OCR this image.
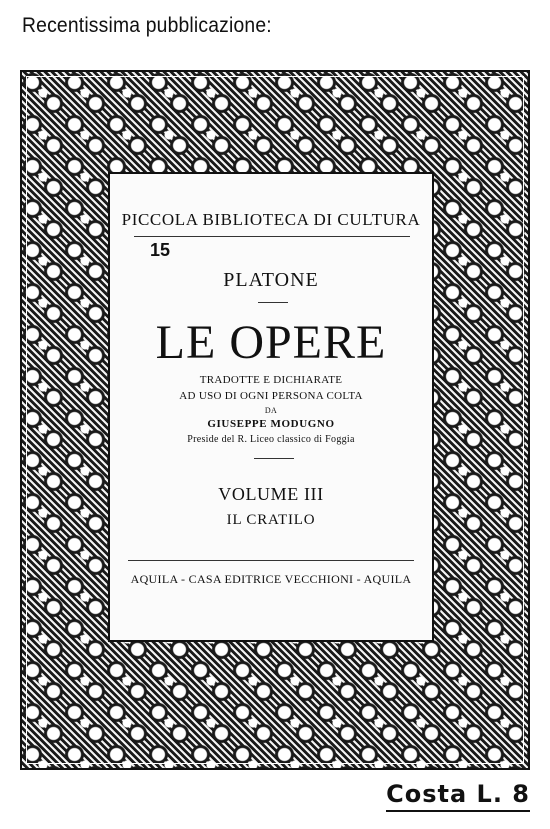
Recentissima pubblicazione:
PICCOLA BIBLIOTECA DI CULTURA
15
PLATONE
LE OPERE
TRADOTTE E DICHIARATE
AD USO DI OGNI PERSONA COLTA
DA
GIUSEPPE MODUGNO
Preside del R. Liceo classico di Foggia
VOLUME III
IL CRATILO
AQUILA - CASA EDITRICE VECCHIONI - AQUILA
Costa L. 8
